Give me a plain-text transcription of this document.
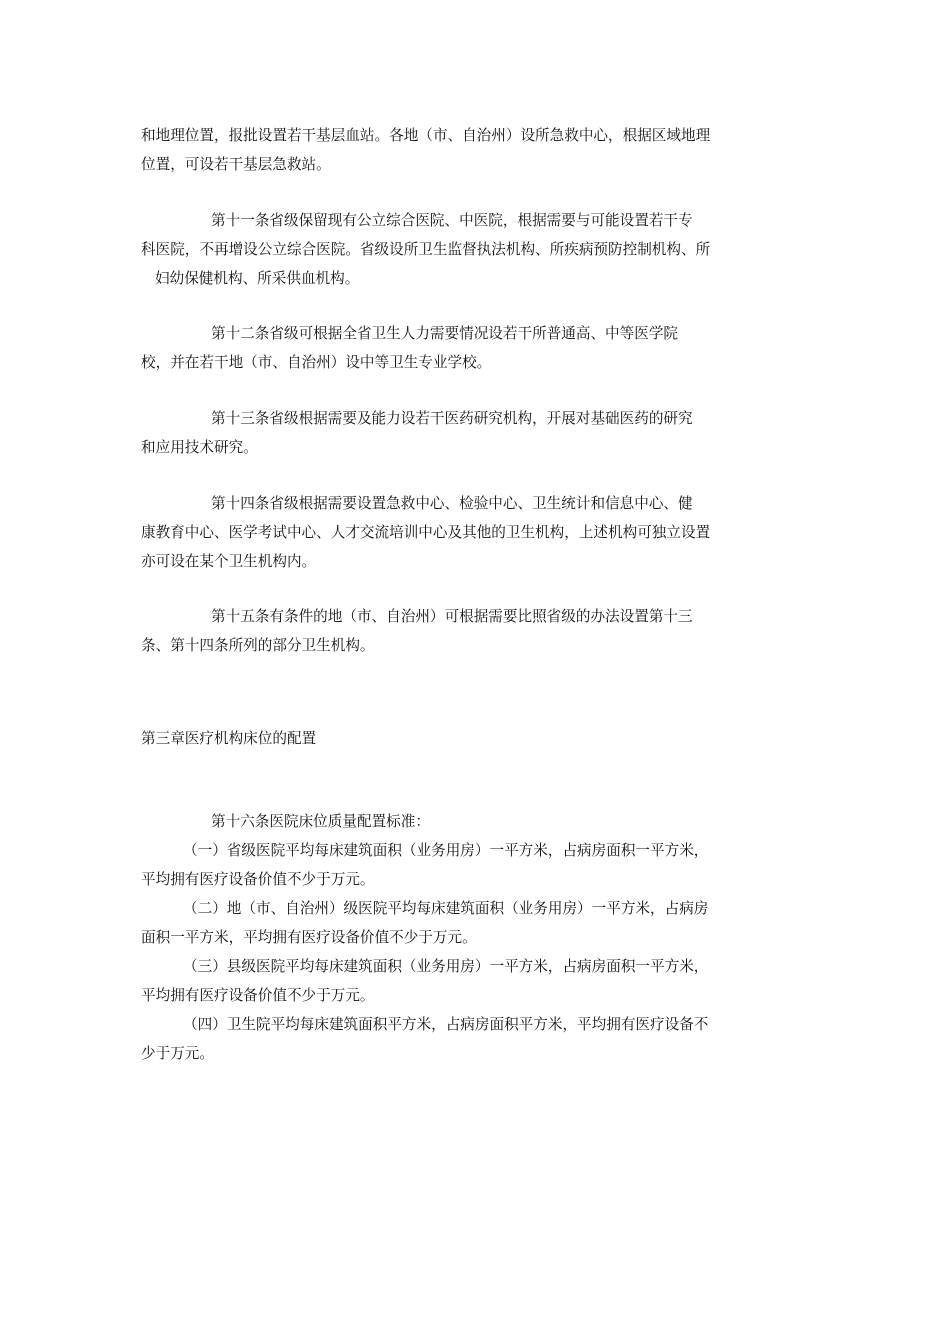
和地理位置，报批设置若干基层血站。各地（市、自治州）设所急救中心，根据区域地理
位置，可设若干基层急救站。
第十一条省级保留现有公立综合医院、中医院，根据需要与可能设置若干专
科医院，不再增设公立综合医院。省级设所卫生监督执法机构、所疾病预防控制机构、所
妇幼保健机构、所采供血机构。
第十二条省级可根据全省卫生人力需要情况设若干所普通高、中等医学院
校，并在若干地（市、自治州）设中等卫生专业学校。
第十三条省级根据需要及能力设若干医药研究机构，开展对基础医药的研究
和应用技术研究。
第十四条省级根据需要设置急救中心、检验中心、卫生统计和信息中心、健
康教育中心、医学考试中心、人才交流培训中心及其他的卫生机构，上述机构可独立设置
亦可设在某个卫生机构内。
第十五条有条件的地（市、自治州）可根据需要比照省级的办法设置第十三
条、第十四条所列的部分卫生机构。
第三章医疗机构床位的配置
第十六条医院床位质量配置标准：
（一）省级医院平均每床建筑面积（业务用房）一平方米，占病房面积一平方米，
平均拥有医疗设备价值不少于万元。
（二）地（市、自治州）级医院平均每床建筑面积（业务用房）一平方米，占病房
面积一平方米，平均拥有医疗设备价值不少于万元。
（三）县级医院平均每床建筑面积（业务用房）一平方米，占病房面积一平方米，
平均拥有医疗设备价值不少于万元。
（四）卫生院平均每床建筑面积平方米，占病房面积平方米，平均拥有医疗设备不
少于万元。
